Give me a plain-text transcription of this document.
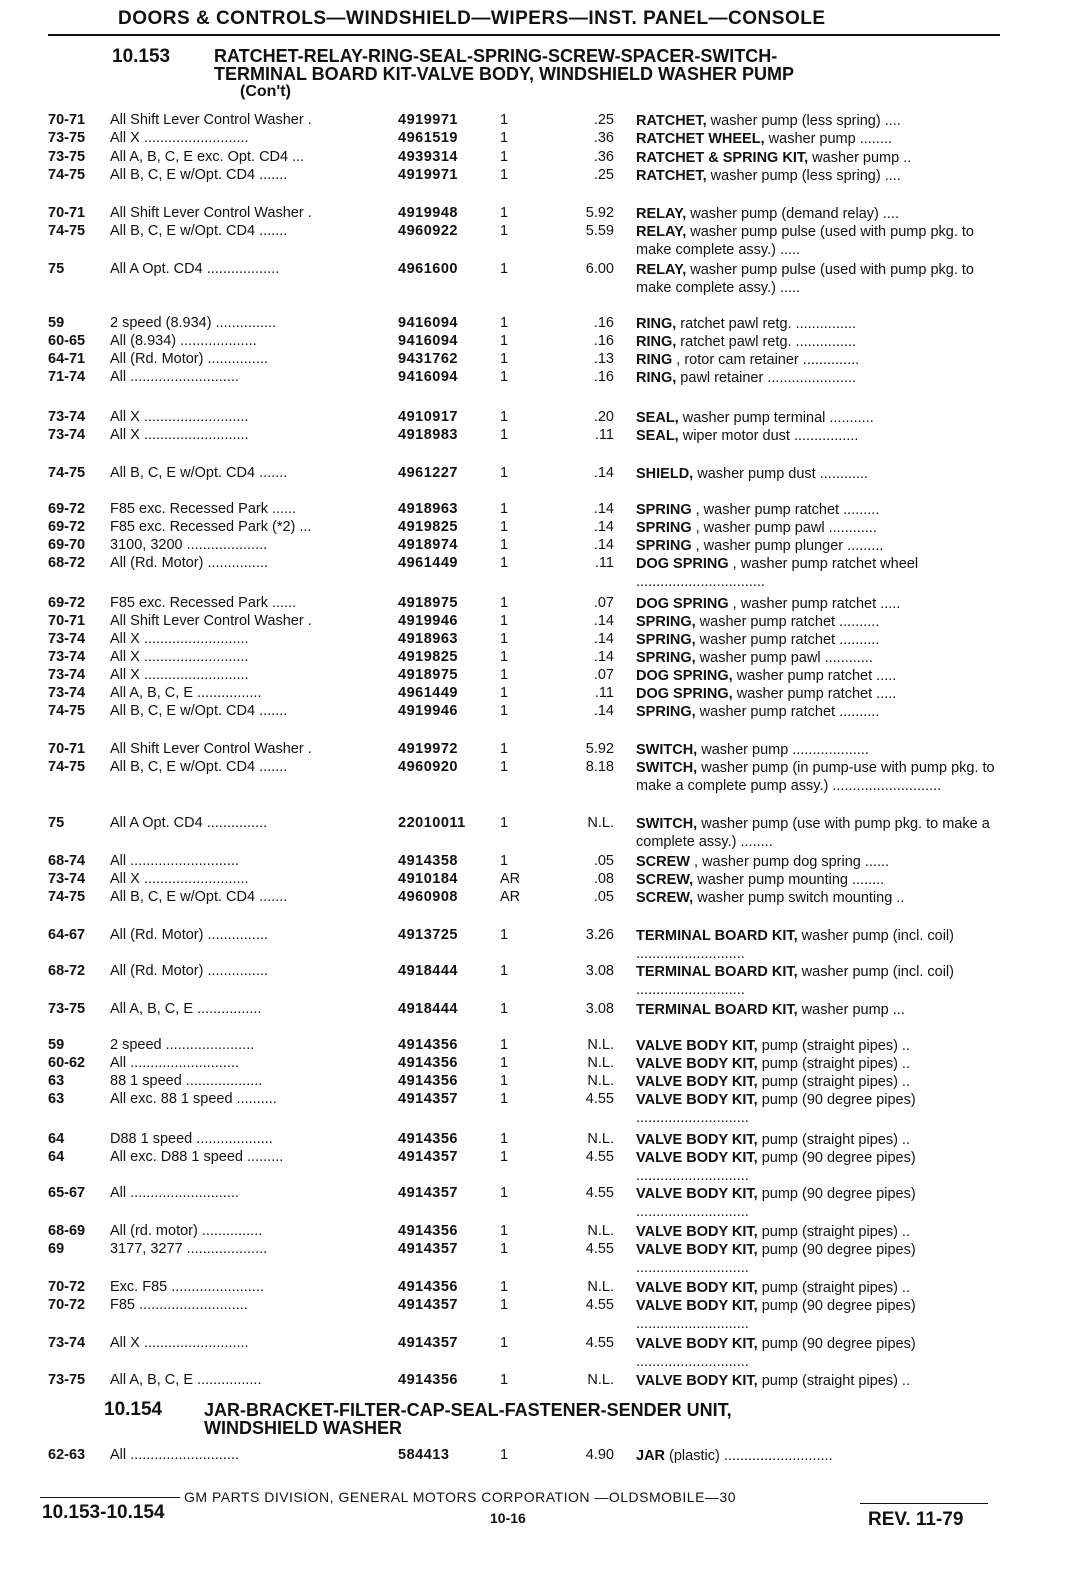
DOORS & CONTROLS—WINDSHIELD—WIPERS—INST. PANEL—CONSOLE
10.153 RATCHET-RELAY-RING-SEAL-SPRING-SCREW-SPACER-SWITCH-
TERMINAL BOARD KIT-VALVE BODY, WINDSHIELD WASHER PUMP
(Con't)
70-71 All Shift Lever Control Washer .	4919971	1	.25 RATCHET, washer pump (less spring) ....
73-75 All X ..........................	4961519	1	.36 RATCHET WHEEL, washer pump ........
73-75 All A, B, C, E exc. Opt. CD4 ...	4939314	1	.36 RATCHET & SPRING KIT, washer pump ..
74-75 All B, C, E w/Opt. CD4 .......	4919971	1	.25 RATCHET, washer pump (less spring) ....
70-71 All Shift Lever Control Washer .	4919948	1	5.92 RELAY, washer pump (demand relay) ....
74-75 All B, C, E w/Opt. CD4 .......	4960922	1	5.59 RELAY, washer pump pulse (used with pump pkg. to make complete assy.) .....
75	All A Opt. CD4 ..................	4961600	1	6.00 RELAY, washer pump pulse (used with pump pkg. to make complete assy.) .....
59	2 speed (8.934) ...............	9416094	1	.16 RING, ratchet pawl retg. ...............
60-65 All (8.934) ...................	9416094	1	.16 RING, ratchet pawl retg. ...............
64-71 All (Rd. Motor) ...............	9431762	1	.13 RING , rotor cam retainer ..............
71-74 All ...........................	9416094	1	.16 RING, pawl retainer ......................
73-74 All X ..........................	4910917	1	.20 SEAL, washer pump terminal ...........
73-74 All X ..........................	4918983	1	.11 SEAL, wiper motor dust ................
74-75 All B, C, E w/Opt. CD4 .......	4961227	1	.14 SHIELD, washer pump dust ............
69-72 F85 exc. Recessed Park ......	4918963	1	.14 SPRING , washer pump ratchet .........
69-72 F85 exc. Recessed Park (*2) ...	4919825	1	.14 SPRING , washer pump pawl ............
69-70 3100, 3200 ....................	4918974	1	.14 SPRING , washer pump plunger .........
68-72 All (Rd. Motor) ...............	4961449	1	.11 DOG SPRING , washer pump ratchet wheel ................................
69-72 F85 exc. Recessed Park ......	4918975	1	.07 DOG SPRING , washer pump ratchet .....
70-71 All Shift Lever Control Washer .	4919946	1	.14 SPRING, washer pump ratchet ..........
73-74 All X ..........................	4918963	1	.14 SPRING, washer pump ratchet ..........
73-74 All X ..........................	4919825	1	.14 SPRING, washer pump pawl ............
73-74 All X ..........................	4918975	1	.07 DOG SPRING, washer pump ratchet .....
73-74 All A, B, C, E ................	4961449	1	.11 DOG SPRING, washer pump ratchet .....
74-75 All B, C, E w/Opt. CD4 .......	4919946	1	.14 SPRING, washer pump ratchet ..........
70-71 All Shift Lever Control Washer .	4919972	1	5.92 SWITCH, washer pump ...................
74-75 All B, C, E w/Opt. CD4 .......	4960920	1	8.18 SWITCH, washer pump (in pump-use with pump pkg. to make a complete pump assy.) ...........................
75	All A Opt. CD4 ...............	22010011 1	N.L. SWITCH, washer pump (use with pump pkg. to make a complete assy.) ........
68-74 All ...........................	4914358	1	.05 SCREW , washer pump dog spring ......
73-74 All X ..........................	4910184	AR	.08 SCREW, washer pump mounting ........
74-75 All B, C, E w/Opt. CD4 .......	4960908	AR	.05 SCREW, washer pump switch mounting ..
64-67 All (Rd. Motor) ...............	4913725	1	3.26 TERMINAL BOARD KIT, washer pump (incl. coil) ...........................
68-72 All (Rd. Motor) ...............	4918444	1	3.08 TERMINAL BOARD KIT, washer pump (incl. coil) ...........................
73-75 All A, B, C, E ................	4918444	1	3.08 TERMINAL BOARD KIT, washer pump ...
59	2 speed ......................	4914356	1	N.L. VALVE BODY KIT, pump (straight pipes) ..
60-62 All ...........................	4914356	1	N.L. VALVE BODY KIT, pump (straight pipes) ..
63	88 1 speed ...................	4914356	1	N.L. VALVE BODY KIT, pump (straight pipes) ..
63	All exc. 88 1 speed ..........	4914357	1	4.55 VALVE BODY KIT, pump (90 degree pipes) ............................
64	D88 1 speed ...................	4914356	1	N.L. VALVE BODY KIT, pump (straight pipes) ..
64	All exc. D88 1 speed .........	4914357	1	4.55 VALVE BODY KIT, pump (90 degree pipes) ............................
65-67 All ...........................	4914357	1	4.55 VALVE BODY KIT, pump (90 degree pipes) ............................
68-69 All (rd. motor) ...............	4914356	1	N.L. VALVE BODY KIT, pump (straight pipes) ..
69	3177, 3277 ....................	4914357	1	4.55 VALVE BODY KIT, pump (90 degree pipes) ............................
70-72 Exc. F85 .......................	4914356	1	N.L. VALVE BODY KIT, pump (straight pipes) ..
70-72 F85 ...........................	4914357	1	4.55 VALVE BODY KIT, pump (90 degree pipes) ............................
73-74 All X ..........................	4914357	1	4.55 VALVE BODY KIT, pump (90 degree pipes) ............................
73-75 All A, B, C, E ................	4914356	1	N.L. VALVE BODY KIT, pump (straight pipes) ..
62-63 All ...........................	584413	1	4.90 JAR (plastic) ...........................
10.154 JAR-BRACKET-FILTER-CAP-SEAL-FASTENER-SENDER UNIT,
WINDSHIELD WASHER
GM PARTS DIVISION, GENERAL MOTORS CORPORATION —OLDSMOBILE—30
10.153-10.154	10-16	REV. 11-79
